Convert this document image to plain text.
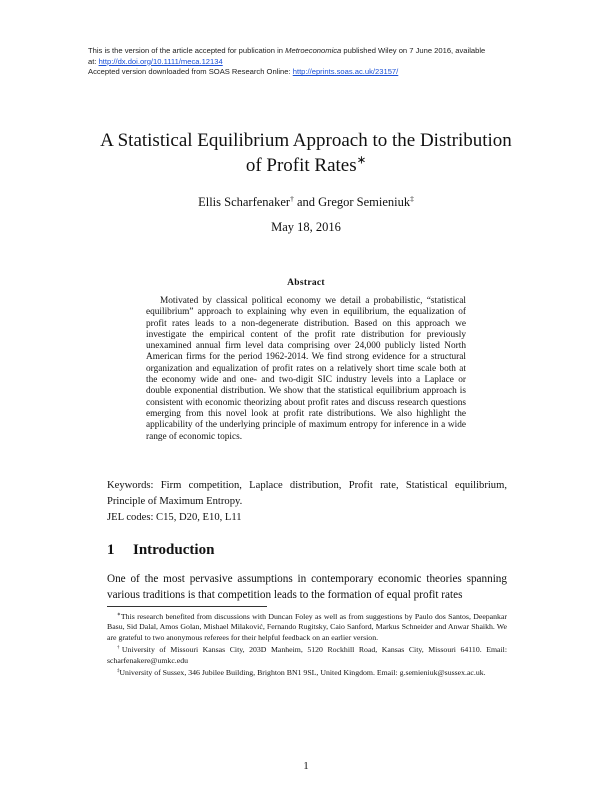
This is the version of the article accepted for publication in Metroeconomica published Wiley on 7 June 2016, available
at: http://dx.doi.org/10.1111/meca.12134
Accepted version downloaded from SOAS Research Online: http://eprints.soas.ac.uk/23157/
A Statistical Equilibrium Approach to the Distribution
of Profit Rates∗
Ellis Scharfenaker† and Gregor Semieniuk‡
May 18, 2016
Abstract
Motivated by classical political economy we detail a probabilistic, “statistical equilibrium” approach to explaining why even in equilibrium, the equalization of profit rates leads to a non-degenerate distribution. Based on this approach we investigate the empirical content of the profit rate distribution for previously unexamined annual firm level data comprising over 24,000 publicly listed North American firms for the period 1962-2014. We find strong evidence for a structural organization and equalization of profit rates on a relatively short time scale both at the economy wide and one- and two-digit SIC industry levels into a Laplace or double exponential distribution. We show that the statistical equilibrium approach is consistent with economic theorizing about profit rates and discuss research questions emerging from this novel look at profit rate distributions. We also highlight the applicability of the underlying principle of maximum entropy for inference in a wide range of economic topics.
Keywords: Firm competition, Laplace distribution, Profit rate, Statistical equilibrium, Principle of Maximum Entropy.
JEL codes: C15, D20, E10, L11
1 Introduction
One of the most pervasive assumptions in contemporary economic theories spanning various traditions is that competition leads to the formation of equal profit rates

∗This research benefited from discussions with Duncan Foley as well as from suggestions by Paulo dos Santos, Deepankar Basu, Sid Dalal, Amos Golan, Mishael Milaković, Fernando Rugitsky, Caio Sanford, Markus Schneider and Anwar Shaikh. We are grateful to two anonymous referees for their helpful feedback on an earlier version.

†University of Missouri Kansas City, 203D Manheim, 5120 Rockhill Road, Kansas City, Missouri 64110. Email: scharfenakere@umkc.edu

‡University of Sussex, 346 Jubilee Building, Brighton BN1 9SL, United Kingdom. Email: g.semieniuk@sussex.ac.uk.

1
